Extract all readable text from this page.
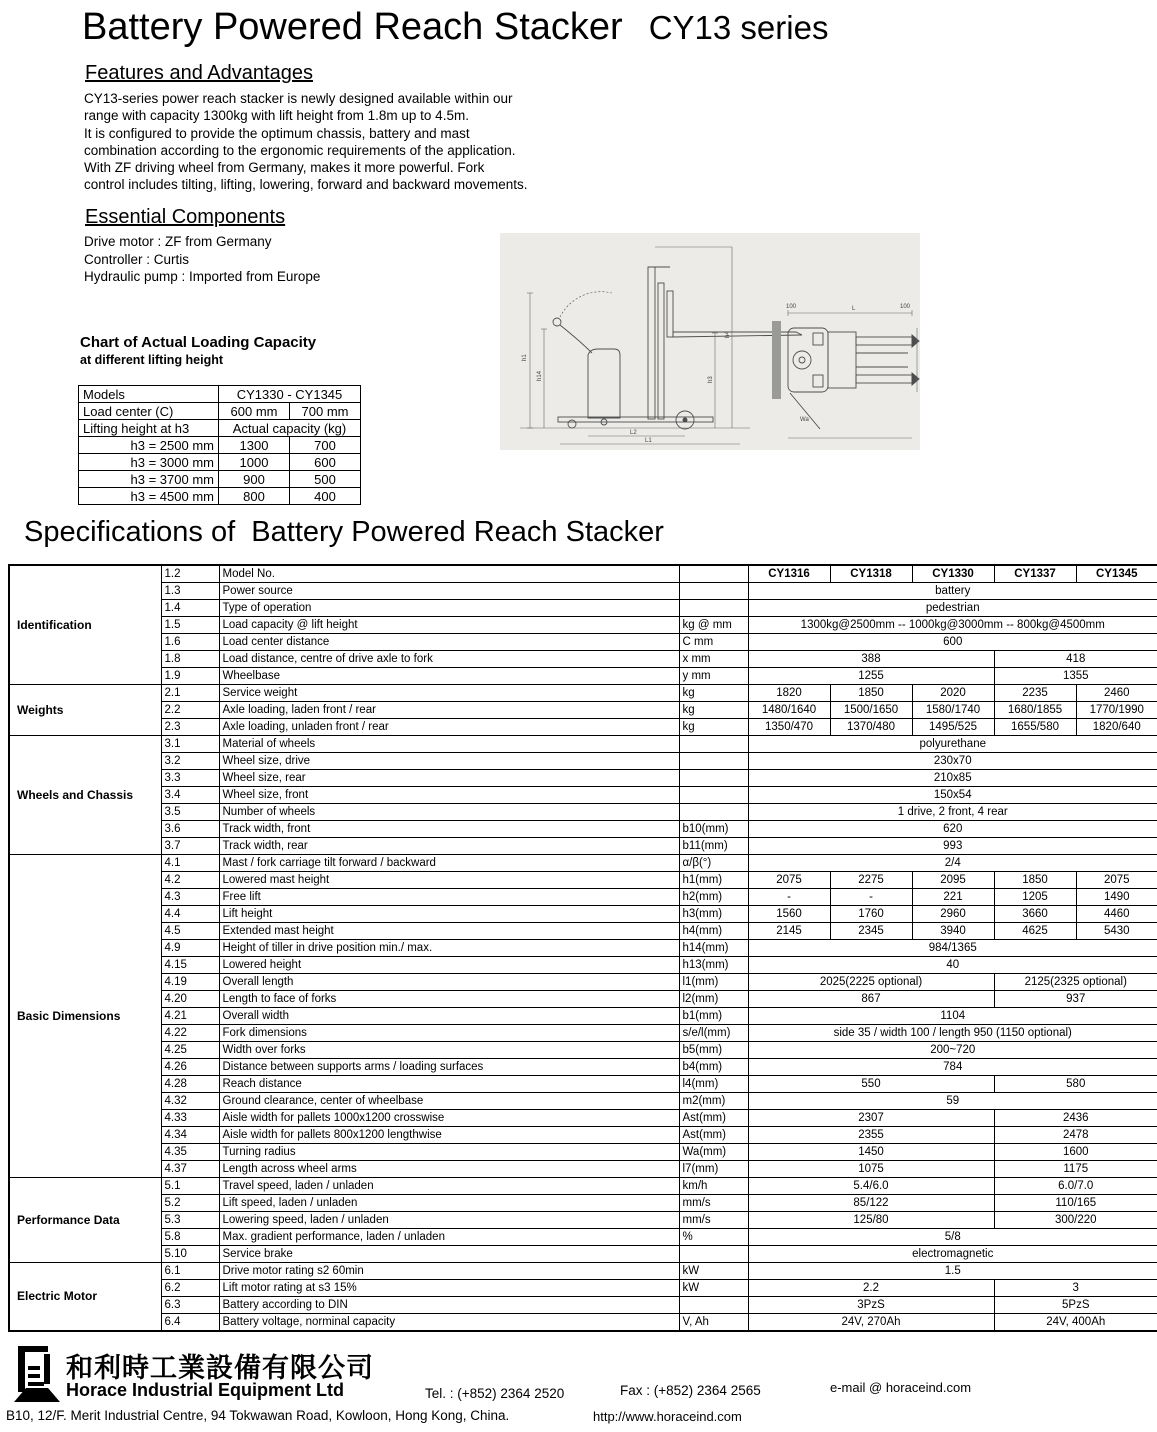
Battery Powered Reach Stacker CY13 series
Features and Advantages
CY13-series power reach stacker is newly designed available within our
range with capacity 1300kg with lift height from 1.8m up to 4.5m.
It is configured to provide the optimum chassis, battery and mast
combination according to the ergonomic requirements of the application.
With ZF driving wheel from Germany, makes it more powerful. Fork
control includes tilting, lifting, lowering, forward and backward movements.
Essential Components
Drive motor : ZF from Germany
Controller : Curtis
Hydraulic pump : Imported from Europe
Chart of Actual Loading Capacity
at different lifting height
Models	CY1330 - CY1345	
Load center (C)	600 mm	700 mm
Lifting height at h3	Actual capacity (kg)	
h3 = 2500 mm	1300	700
h3 = 3000 mm	1000	600
h3 = 3700 mm	900	500
h3 = 4500 mm	800	400
h1
h14	h3
h4
L2
L1
L
100	100
Wa
Specifications of  Battery Powered Reach Stacker
Identification	1.2	Model No.		CY1316	CY1318	CY1330	CY1337	CY1345
	1.3	Power source		battery				
	1.4	Type of operation		pedestrian				
	1.5	Load capacity @ lift height	kg @ mm	1300kg@2500mm -- 1000kg@3000mm -- 800kg@4500mm				
	1.6	Load center distance	C mm	600				
	1.8	Load distance, centre of drive axle to fork	x mm	388			418	
	1.9	Wheelbase	y mm	1255			1355	
Weights	2.1	Service weight	kg	1820	1850	2020	2235	2460
	2.2	Axle loading, laden front / rear	kg	1480/1640	1500/1650	1580/1740	1680/1855	1770/1990
	2.3	Axle loading, unladen front / rear	kg	1350/470	1370/480	1495/525	1655/580	1820/640
Wheels and Chassis	3.1	Material of wheels		polyurethane				
	3.2	Wheel size, drive		230x70				
	3.3	Wheel size, rear		210x85				
	3.4	Wheel size, front		150x54				
	3.5	Number of wheels		1 drive, 2 front, 4 rear				
	3.6	Track width, front	b10(mm)	620				
	3.7	Track width, rear	b11(mm)	993				
Basic Dimensions	4.1	Mast / fork carriage tilt forward / backward	α/β(°)	2/4				
	4.2	Lowered mast height	h1(mm)	2075	2275	2095	1850	2075
	4.3	Free lift	h2(mm)	-	-	221	1205	1490
	4.4	Lift height	h3(mm)	1560	1760	2960	3660	4460
	4.5	Extended mast height	h4(mm)	2145	2345	3940	4625	5430
	4.9	Height of tiller in drive position min./ max.	h14(mm)	984/1365				
	4.15	Lowered height	h13(mm)	40				
	4.19	Overall length	l1(mm)	2025(2225 optional)			2125(2325 optional)	
	4.20	Length to face of forks	l2(mm)	867			937	
	4.21	Overall width	b1(mm)	1104				
	4.22	Fork dimensions	s/e/l(mm)	side 35 / width 100 / length 950 (1150 optional)				
	4.25	Width over forks	b5(mm)	200~720				
	4.26	Distance between supports arms / loading surfaces	b4(mm)	784				
	4.28	Reach distance	l4(mm)	550			580	
	4.32	Ground clearance, center of wheelbase	m2(mm)	59				
	4.33	Aisle width for pallets 1000x1200 crosswise	Ast(mm)	2307			2436	
	4.34	Aisle width for pallets 800x1200 lengthwise	Ast(mm)	2355			2478	
	4.35	Turning radius	Wa(mm)	1450			1600	
	4.37	Length across wheel arms	l7(mm)	1075			1175	
Performance Data	5.1	Travel speed, laden / unladen	km/h	5.4/6.0			6.0/7.0	
	5.2	Lift speed, laden / unladen	mm/s	85/122			110/165	
	5.3	Lowering speed, laden / unladen	mm/s	125/80			300/220	
	5.8	Max. gradient performance, laden / unladen	%	5/8				
	5.10	Service brake		electromagnetic				
Electric Motor	6.1	Drive motor rating s2 60min	kW	1.5				
	6.2	Lift motor rating at s3 15%	kW	2.2			3	
	6.3	Battery according to DIN		3PzS			5PzS	
	6.4	Battery voltage, norminal capacity	V, Ah	24V, 270Ah			24V, 400Ah	
和利時工業設備有限公司
Horace Industrial Equipment Ltd	Tel. : (+852) 2364 2520	Fax : (+852) 2364 2565	e-mail @ horaceind.com
B10, 12/F. Merit Industrial Centre, 94 Tokwawan Road, Kowloon, Hong Kong, China.	http://www.horaceind.com
